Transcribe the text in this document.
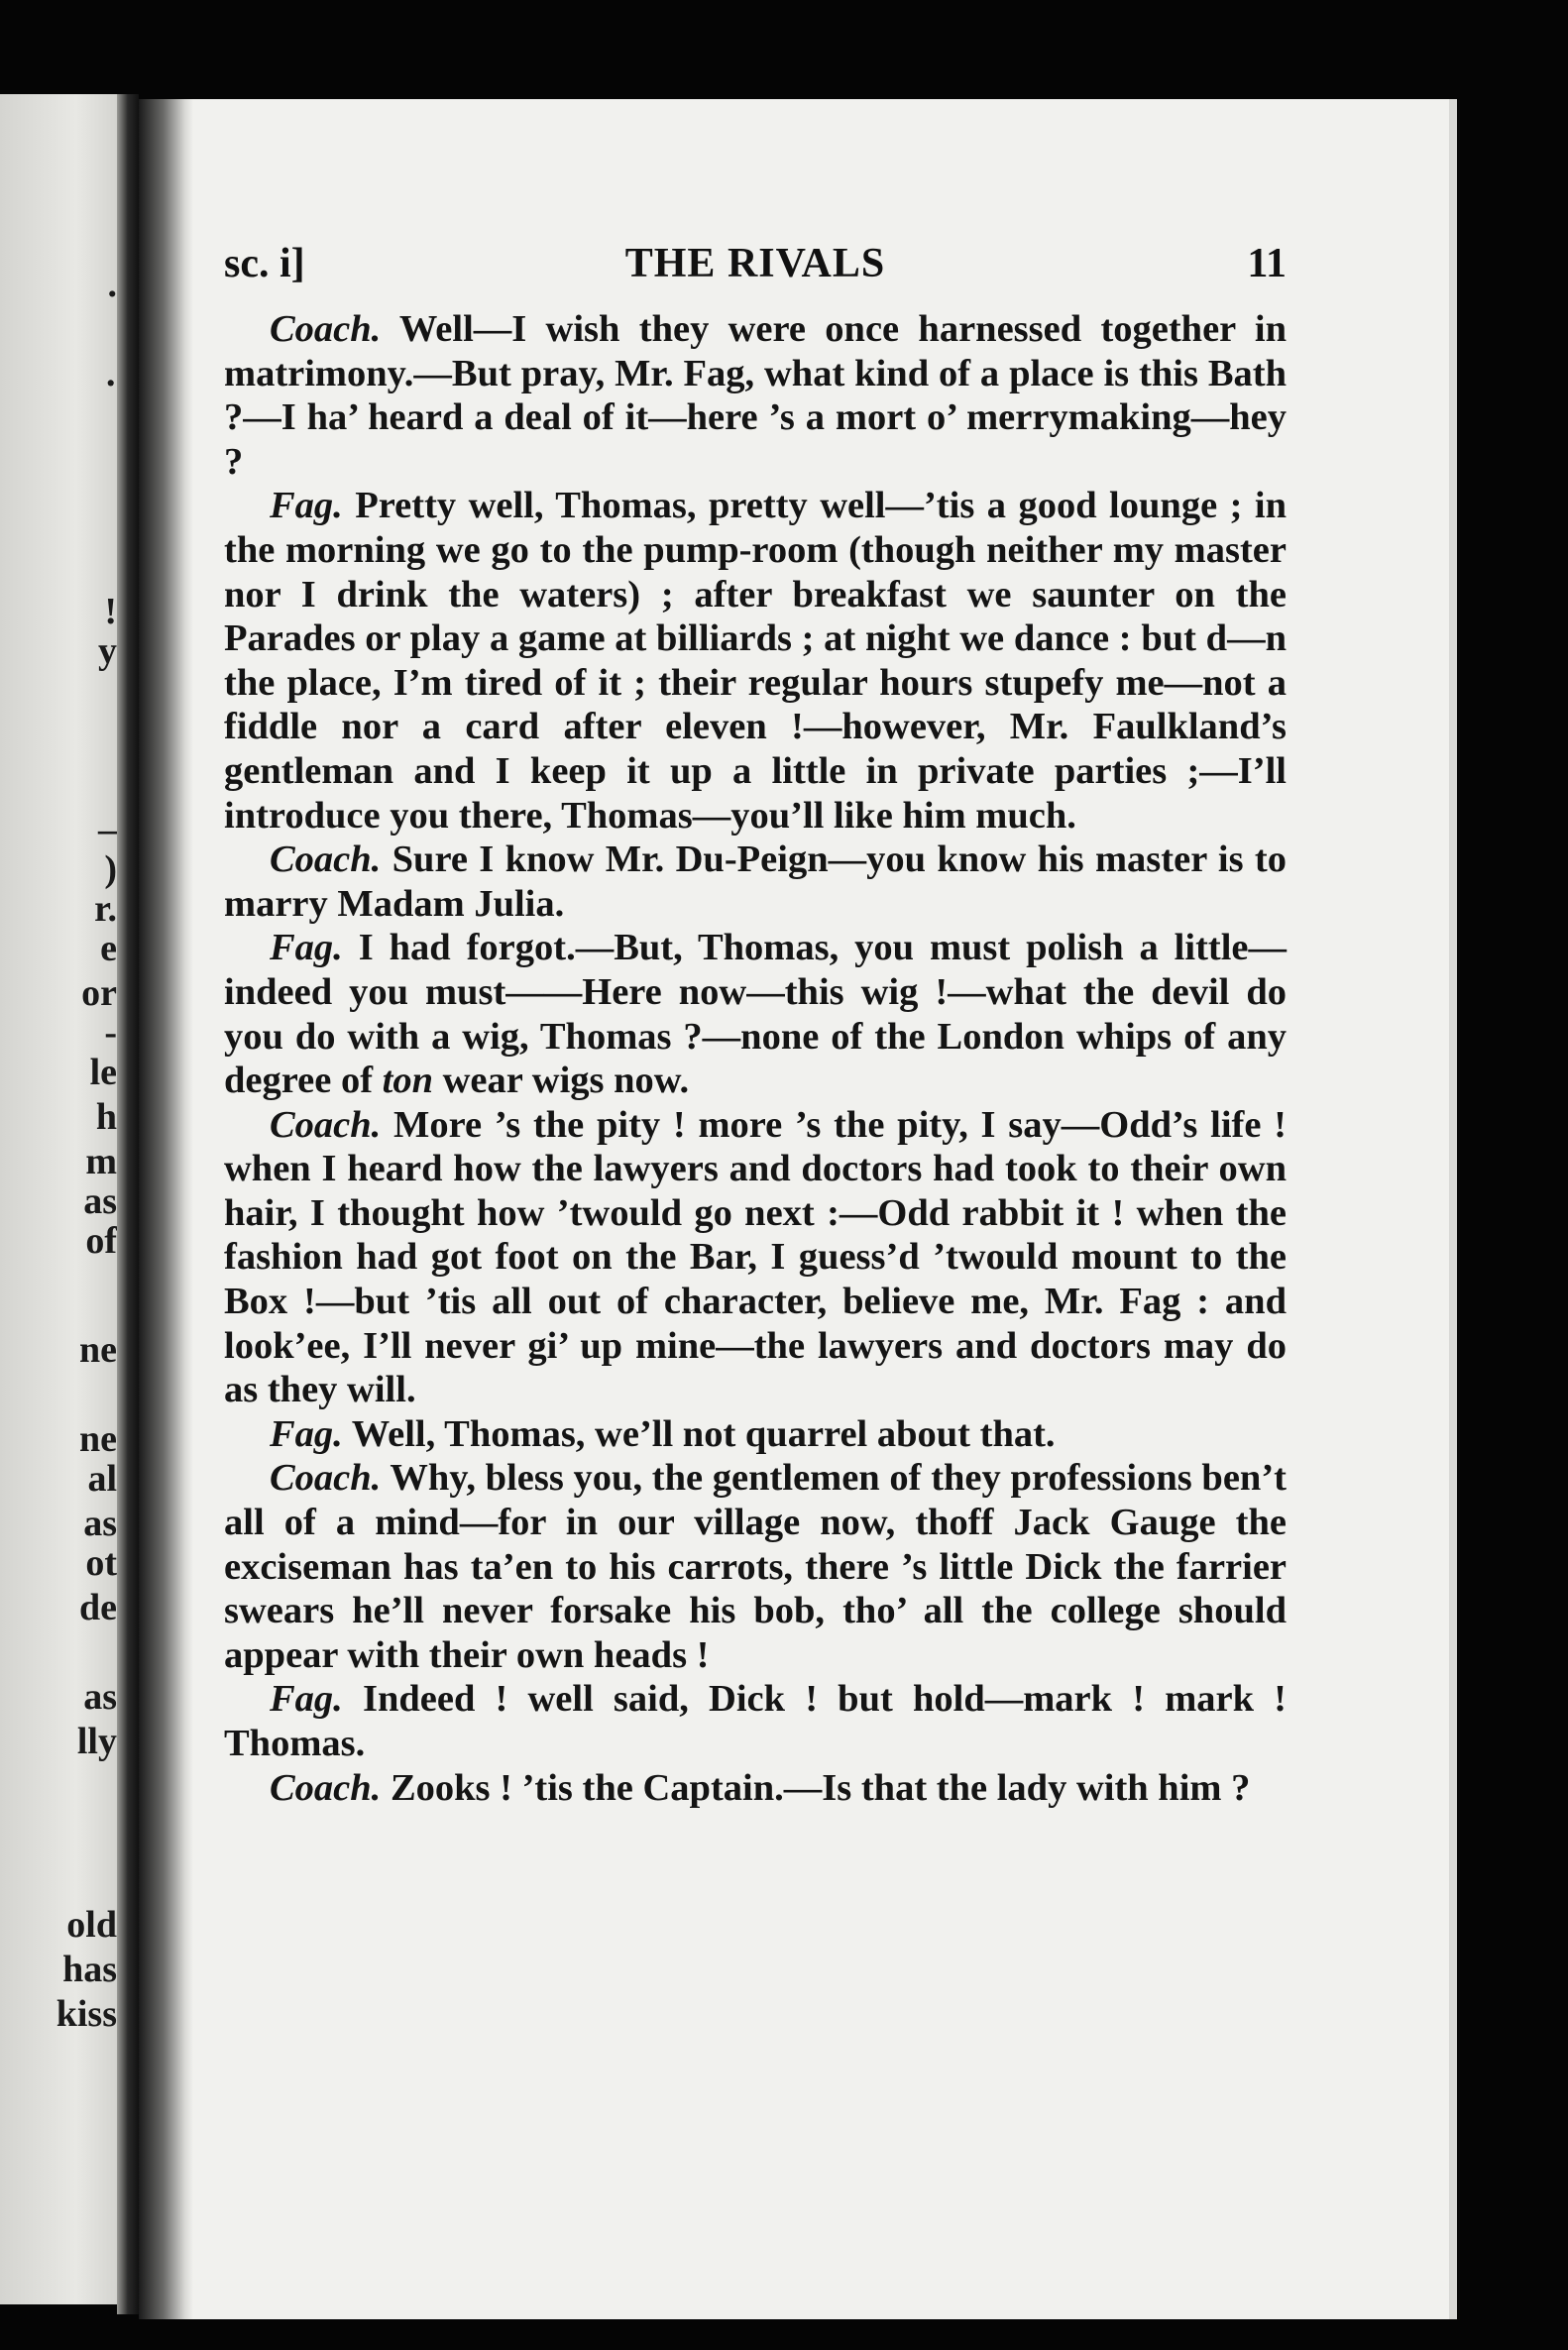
.
·
!
y
–
)
r.
e
or
-
le
h
m
as
of
ne
ne
al
as
ot
de
as
lly
old
has
kiss
THE RIVALS
sc. i]	11

Coach. Well—I wish they were once harnessed together in matrimony.—But pray, Mr. Fag, what kind of a place is this Bath ?—I ha’ heard a deal of it—here ’s a mort o’ merrymaking—hey ?

Fag. Pretty well, Thomas, pretty well—’tis a good lounge ; in the morning we go to the pump-room (though neither my master nor I drink the waters) ; after breakfast we saunter on the Parades or play a game at billiards ; at night we dance : but d—n the place, I’m tired of it ; their regular hours stupefy me—not a fiddle nor a card after eleven !—however, Mr. Faulkland’s gentleman and I keep it up a little in private parties ;—I’ll introduce you there, Thomas—you’ll like him much.

Coach. Sure I know Mr. Du-Peign—you know his master is to marry Madam Julia.

Fag. I had forgot.—But, Thomas, you must polish a little—indeed you must——Here now—this wig !—what the devil do you do with a wig, Thomas ?—none of the London whips of any degree of ton wear wigs now.

Coach. More ’s the pity ! more ’s the pity, I say—Odd’s life ! when I heard how the lawyers and doctors had took to their own hair, I thought how ’twould go next :—Odd rabbit it ! when the fashion had got foot on the Bar, I guess’d ’twould mount to the Box !—but ’tis all out of character, believe me, Mr. Fag : and look’ee, I’ll never gi’ up mine—the lawyers and doctors may do as they will.

Fag. Well, Thomas, we’ll not quarrel about that.

Coach. Why, bless you, the gentlemen of they professions ben’t all of a mind—for in our village now, thoff Jack Gauge the exciseman has ta’en to his carrots, there ’s little Dick the farrier swears he’ll never forsake his bob, tho’ all the college should appear with their own heads !

Fag. Indeed ! well said, Dick ! but hold—mark ! mark ! Thomas.

Coach. Zooks ! ’tis the Captain.—Is that the lady with him ?
